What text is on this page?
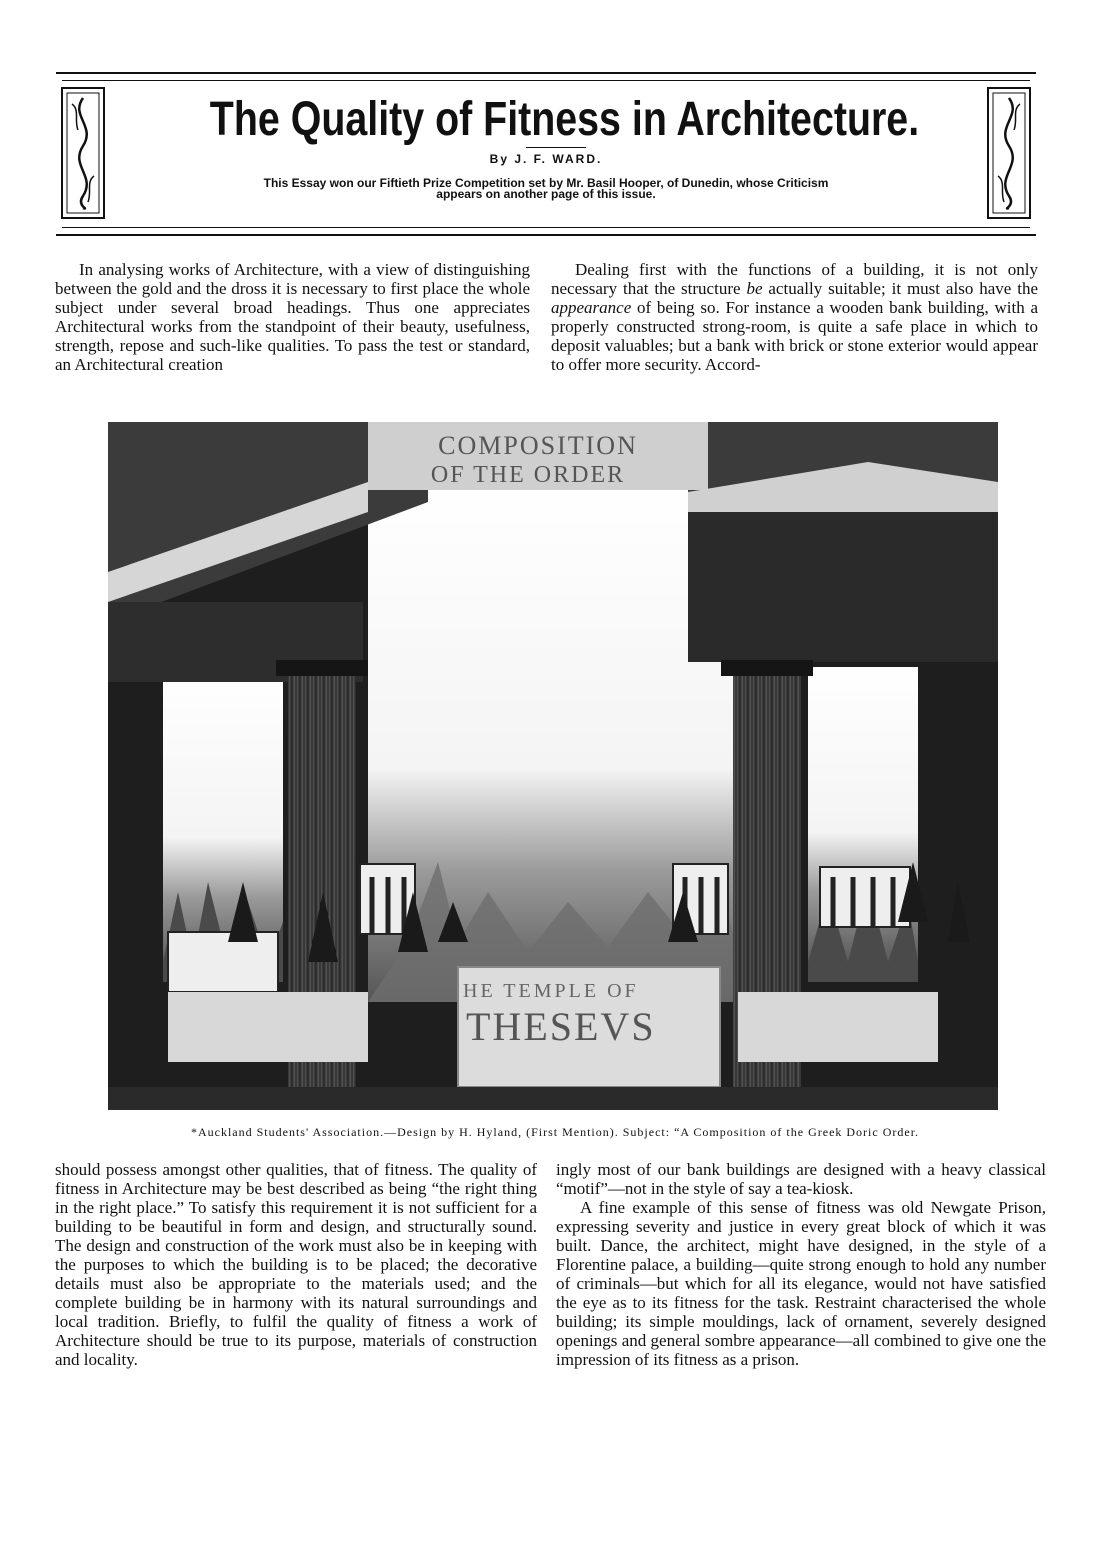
The Quality of Fitness in Architecture.
By J. F. WARD.
This Essay won our Fiftieth Prize Competition set by Mr. Basil Hooper, of Dunedin, whose Criticism appears on another page of this issue.

In analysing works of Architecture, with a view of distinguishing between the gold and the dross it is necessary to first place the whole subject under several broad headings. Thus one appreciates Architectural works from the standpoint of their beauty, usefulness, strength, repose and such-like qualities. To pass the test or standard, an Architectural creation

Dealing first with the functions of a building, it is not only necessary that the structure be actually suitable; it must also have the appearance of being so. For instance a wooden bank building, with a properly constructed strong-room, is quite a safe place in which to deposit valuables; but a bank with brick or stone exterior would appear to offer more security. Accord-

COMPOSITION
OF THE ORDER
HE TEMPLE OF
THESEVS
*Auckland Students' Association.—Design by H. Hyland, (First Mention). Subject: “A Composition of the Greek Doric Order.

should possess amongst other qualities, that of fitness. The quality of fitness in Architecture may be best described as being “the right thing in the right place.” To satisfy this requirement it is not sufficient for a building to be beautiful in form and design, and structurally sound. The design and construction of the work must also be in keeping with the purposes to which the building is to be placed; the decorative details must also be appropriate to the materials used; and the complete building be in harmony with its natural surroundings and local tradition. Briefly, to fulfil the quality of fitness a work of Architecture should be true to its purpose, materials of construction and locality.

ingly most of our bank buildings are designed with a heavy classical “motif”—not in the style of say a tea-kiosk.

A fine example of this sense of fitness was old Newgate Prison, expressing severity and justice in every great block of which it was built. Dance, the architect, might have designed, in the style of a Florentine palace, a building—quite strong enough to hold any number of criminals—but which for all its elegance, would not have satisfied the eye as to its fitness for the task. Restraint characterised the whole building; its simple mouldings, lack of ornament, severely designed openings and general sombre appearance—all combined to give one the impression of its fitness as a prison.
